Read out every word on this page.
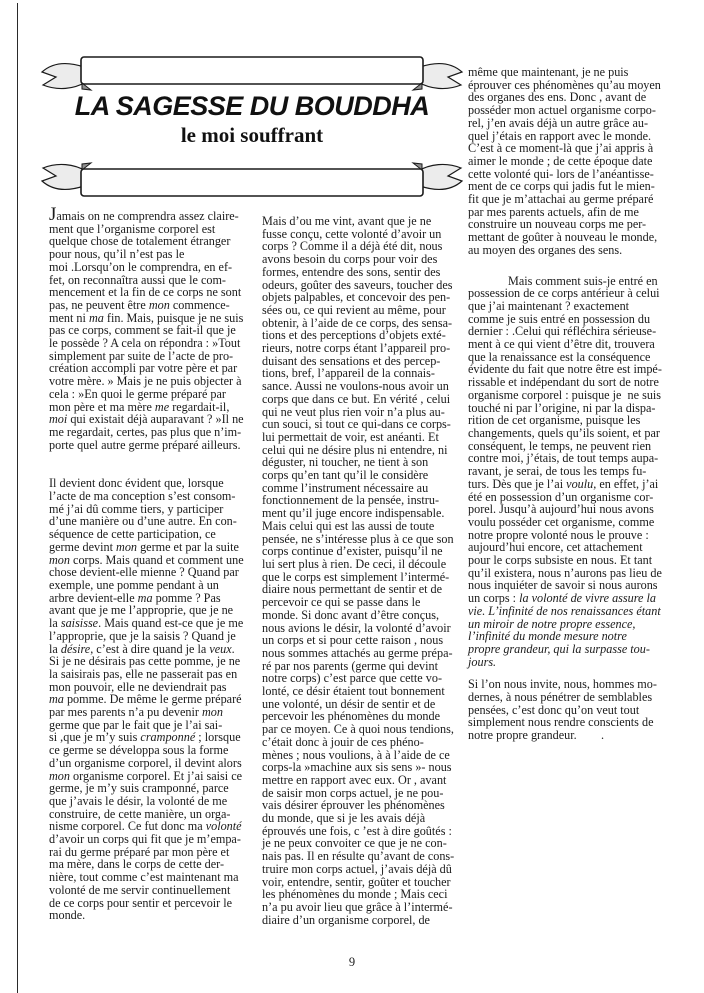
LA SAGESSE DU BOUDDHA
le moi souffrant
Jamais on ne comprendra assez claire-
ment que l’organisme corporel est
quelque chose de totalement étranger
pour nous, qu’il n’est pas le
moi .Lorsqu’on le comprendra, en ef-
fet, on reconnaîtra aussi que le com-
mencement et la fin de ce corps ne sont
pas, ne peuvent être mon commence-
ment ni ma fin. Mais, puisque je ne suis
pas ce corps, comment se fait-il que je
le possède ? A cela on répondra : »Tout
simplement par suite de l’acte de pro-
création accompli par votre père et par
votre mère. » Mais je ne puis objecter à
cela : »En quoi le germe préparé par
mon père et ma mère me regardait-il,
moi qui existait déjà auparavant ? »Il ne
me regardait, certes, pas plus que n’im-
porte quel autre germe préparé ailleurs.
Il devient donc évident que, lorsque
l’acte de ma conception s’est consom-
mé j’ai dû comme tiers, y participer
d’une manière ou d’une autre. En con-
séquence de cette participation, ce
germe devint mon germe et par la suite
mon corps. Mais quand et comment une
chose devient-elle mienne ? Quand par
exemple, une pomme pendant à un
arbre devient-elle ma pomme ? Pas
avant que je me l’approprie, que je ne
la saisisse. Mais quand est-ce que je me
l’approprie, que je la saisis ? Quand je
la désire, c’est à dire quand je la veux.
Si je ne désirais pas cette pomme, je ne
la saisirais pas, elle ne passerait pas en
mon pouvoir, elle ne deviendrait pas
ma pomme. De même le germe préparé
par mes parents n’a pu devenir mon
germe que par le fait que je l’ai sai-
si ,que je m’y suis cramponné ; lorsque
ce germe se développa sous la forme
d’un organisme corporel, il devint alors
mon organisme corporel. Et j’ai saisi ce
germe, je m’y suis cramponné, parce
que j’avais le désir, la volonté de me
construire, de cette manière, un orga-
nisme corporel. Ce fut donc ma volonté
d’avoir un corps qui fit que je m’empa-
rai du germe préparé par mon père et
ma mère, dans le corps de cette der-
nière, tout comme c’est maintenant ma
volonté de me servir continuellement
de ce corps pour sentir et percevoir le
monde.
Mais d’ou me vint, avant que je ne
fusse conçu, cette volonté d’avoir un
corps ? Comme il a déjà été dit, nous
avons besoin du corps pour voir des
formes, entendre des sons, sentir des
odeurs, goûter des saveurs, toucher des
objets palpables, et concevoir des pen-
sées ou, ce qui revient au même, pour
obtenir, à l’aide de ce corps, des sensa-
tions et des perceptions d’objets exté-
rieurs, notre corps étant l’appareil pro-
duisant des sensations et des percep-
tions, bref, l’appareil de la connais-
sance. Aussi ne voulons-nous avoir un
corps que dans ce but. En vérité , celui
qui ne veut plus rien voir n’a plus au-
cun souci, si tout ce qui-dans ce corps-
lui permettait de voir, est anéanti. Et
celui qui ne désire plus ni entendre, ni
déguster, ni toucher, ne tient à son
corps qu’en tant qu’il le considère
comme l’instrument nécessaire au
fonctionnement de la pensée, instru-
ment qu’il juge encore indispensable.
Mais celui qui est las aussi de toute
pensée, ne s’intéresse plus à ce que son
corps continue d’exister, puisqu’il ne
lui sert plus à rien. De ceci, il découle
que le corps est simplement l’intermé-
diaire nous permettant de sentir et de
percevoir ce qui se passe dans le
monde. Si donc avant d’être conçus,
nous avions le désir, la volonté d’avoir
un corps et si pour cette raison , nous
nous sommes attachés au germe prépa-
ré par nos parents (germe qui devint
notre corps) c’est parce que cette vo-
lonté, ce désir étaient tout bonnement
une volonté, un désir de sentir et de
percevoir les phénomènes du monde
par ce moyen. Ce à quoi nous tendions,
c’était donc à jouir de ces phéno-
mènes ; nous voulions, à à l’aide de ce
corps-la »machine aux sis sens »- nous
mettre en rapport avec eux. Or , avant
de saisir mon corps actuel, je ne pou-
vais désirer éprouver les phénomènes
du monde, que si je les avais déjà
éprouvés une fois, c ’est à dire goûtés :
je ne peux convoiter ce que je ne con-
nais pas. Il en résulte qu’avant de cons-
truire mon corps actuel, j’avais déjà dû
voir, entendre, sentir, goûter et toucher
les phénomènes du monde ; Mais ceci
n’a pu avoir lieu que grâce à l’intermé-
diaire d’un organisme corporel, de
même que maintenant, je ne puis
éprouver ces phénomènes qu’au moyen
des organes des ens. Donc , avant de
posséder mon actuel organisme corpo-
rel, j’en avais déjà un autre grâce au-
quel j’étais en rapport avec le monde.
C’est à ce moment-là que j’ai appris à
aimer le monde ; de cette époque date
cette volonté qui- lors de l’anéantisse-
ment de ce corps qui jadis fut le mien-
fit que je m’attachai au germe préparé
par mes parents actuels, afin de me
construire un nouveau corps me per-
mettant de goûter à nouveau le monde,
au moyen des organes des sens.
Mais comment suis-je entré en
possession de ce corps antérieur à celui
que j’ai maintenant ? exactement
comme je suis entré en possession du
dernier : .Celui qui réfléchira sérieuse-
ment à ce qui vient d’être dit, trouvera
que la renaissance est la conséquence
évidente du fait que notre être est impé-
rissable et indépendant du sort de notre
organisme corporel : puisque je  ne suis
touché ni par l’origine, ni par la dispa-
rition de cet organisme, puisque les
changements, quels qu’ils soient, et par
conséquent, le temps, ne peuvent rien
contre moi, j’étais, de tout temps aupa-
ravant, je serai, de tous les temps fu-
turs. Dès que je l’ai voulu, en effet, j’ai
été en possession d’un organisme cor-
porel. Jusqu’à aujourd’hui nous avons
voulu posséder cet organisme, comme
notre propre volonté nous le prouve :
aujourd’hui encore, cet attachement
pour le corps subsiste en nous. Et tant
qu’il existera, nous n’aurons pas lieu de
nous inquiéter de savoir si nous aurons
un corps : la volonté de vivre assure la
vie. L’infinité de nos renaissances étant
un miroir de notre propre essence,
l’infinité du monde mesure notre
propre grandeur, qui la surpasse tou-
jours.
Si l’on nous invite, nous, hommes mo-
dernes, à nous pénétrer de semblables
pensées, c’est donc qu’on veut tout
simplement nous rendre conscients de
notre propre grandeur.        .
9
